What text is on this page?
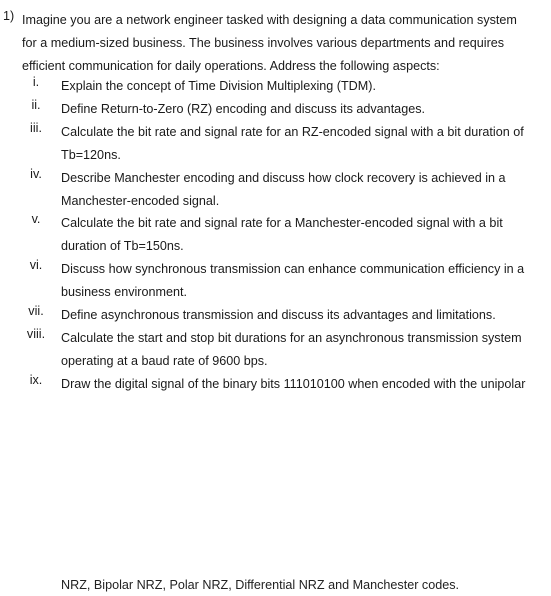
1) Imagine you are a network engineer tasked with designing a data communication system
for a medium-sized business. The business involves various departments and requires
efficient communication for daily operations. Address the following aspects:
i.	Explain the concept of Time Division Multiplexing (TDM).
ii.	Define Return-to-Zero (RZ) encoding and discuss its advantages.
iii.	Calculate the bit rate and signal rate for an RZ-encoded signal with a bit duration of
Tb=120ns.
iv.	Describe Manchester encoding and discuss how clock recovery is achieved in a
Manchester-encoded signal.
v.	Calculate the bit rate and signal rate for a Manchester-encoded signal with a bit
duration of Tb=150ns.
vi.	Discuss how synchronous transmission can enhance communication efficiency in a
business environment.
vii.	Define asynchronous transmission and discuss its advantages and limitations.
viii.	Calculate the start and stop bit durations for an asynchronous transmission system
operating at a baud rate of 9600 bps.
ix.	Draw the digital signal of the binary bits 111010100 when encoded with the unipolar
NRZ, Bipolar NRZ, Polar NRZ, Differential NRZ and Manchester codes.
